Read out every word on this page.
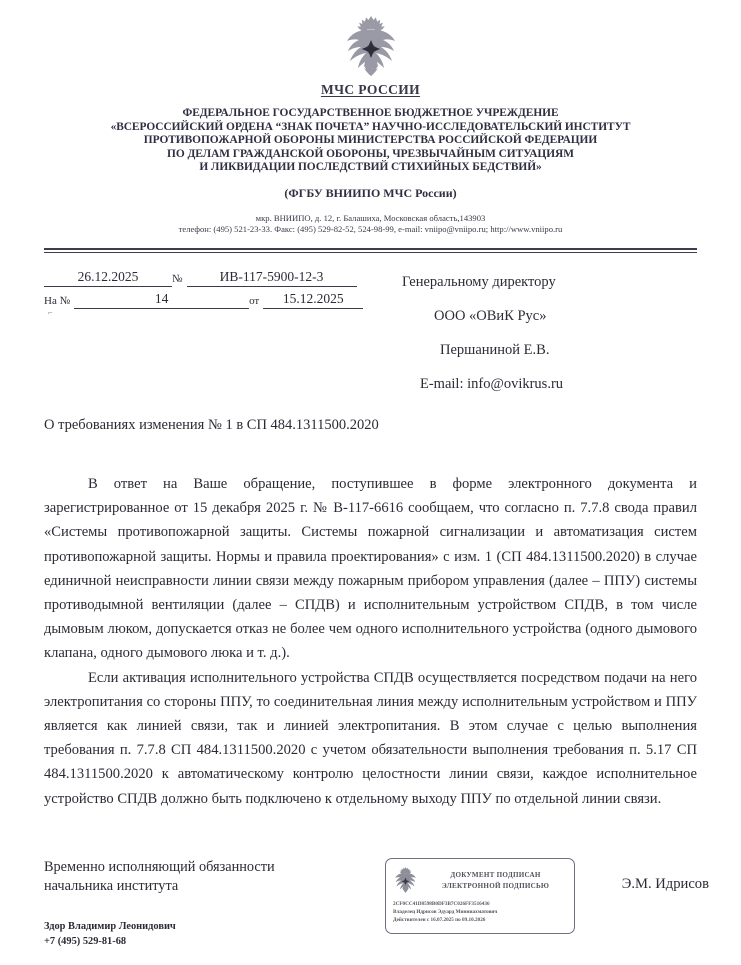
МЧС РОССИИ
ФЕДЕРАЛЬНОЕ ГОСУДАРСТВЕННОЕ БЮДЖЕТНОЕ УЧРЕЖДЕНИЕ
«ВСЕРОССИЙСКИЙ ОРДЕНА “ЗНАК ПОЧЕТА” НАУЧНО-ИССЛЕДОВАТЕЛЬСКИЙ ИНСТИТУТ
ПРОТИВОПОЖАРНОЙ ОБОРОНЫ МИНИСТЕРСТВА РОССИЙСКОЙ ФЕДЕРАЦИИ
ПО ДЕЛАМ ГРАЖДАНСКОЙ ОБОРОНЫ, ЧРЕЗВЫЧАЙНЫМ СИТУАЦИЯМ
И ЛИКВИДАЦИИ ПОСЛЕДСТВИЙ СТИХИЙНЫХ БЕДСТВИЙ»
(ФГБУ ВНИИПО МЧС России)
мкр. ВНИИПО, д. 12, г. Балашиха, Московская область,143903
телефон: (495) 521-23-33. Факс: (495) 529-82-52, 524-98-99, e-mail: vniipo@vniipo.ru; http://www.vniipo.ru
26.12.2025	№	ИВ-117-5900-12-3
На №	14	от	15.12.2025
⌐
Генеральному директору
ООО «ОВиК Рус»
Першаниной Е.В.
E-mail: info@ovikrus.ru
О требованиях изменения № 1 в СП 484.1311500.2020

В ответ на Ваше обращение, поступившее в форме электронного документа и зарегистрированное от 15 декабря 2025 г. № В-117-6616 сообщаем, что согласно п. 7.7.8 свода правил «Системы противопожарной защиты. Системы пожарной сигнализации и автоматизация систем противопожарной защиты. Нормы и правила проектирования» с изм. 1 (СП 484.1311500.2020) в случае единичной неисправности линии связи между пожарным прибором управления (далее – ППУ) системы противодымной вентиляции (далее – СПДВ) и исполнительным устройством СПДВ, в том числе дымовым люком, допускается отказ не более чем одного исполнительного устройства (одного дымового клапана, одного дымового люка и т. д.).

Если активация исполнительного устройства СПДВ осуществляется посредством подачи на него электропитания со стороны ППУ, то соединительная линия между исполнительным устройством и ППУ является как линией связи, так и линией электропитания. В этом случае с целью выполнения требования п. 7.7.8 СП 484.1311500.2020 с учетом обязательности выполнения требования п. 5.17 СП 484.1311500.2020 к автоматическому контролю целостности линии связи, каждое исполнительное устройство СПДВ должно быть подключено к отдельному выходу ППУ по отдельной линии связи.

Временно исполняющий обязанности
начальника института
Здор Владимир Леонидович
+7 (495) 529-81-68
ДОКУМЕНТ ПОДПИСАН
ЭЛЕКТРОННОЙ ПОДПИСЬЮ
2CF0CC41D8598B0DF3B7C026FF3516436
Владелец Идрисов Эдуард Минниахматович
Действителен с 16.07.2025 по 09.10.2026
Э.М. Идрисов
